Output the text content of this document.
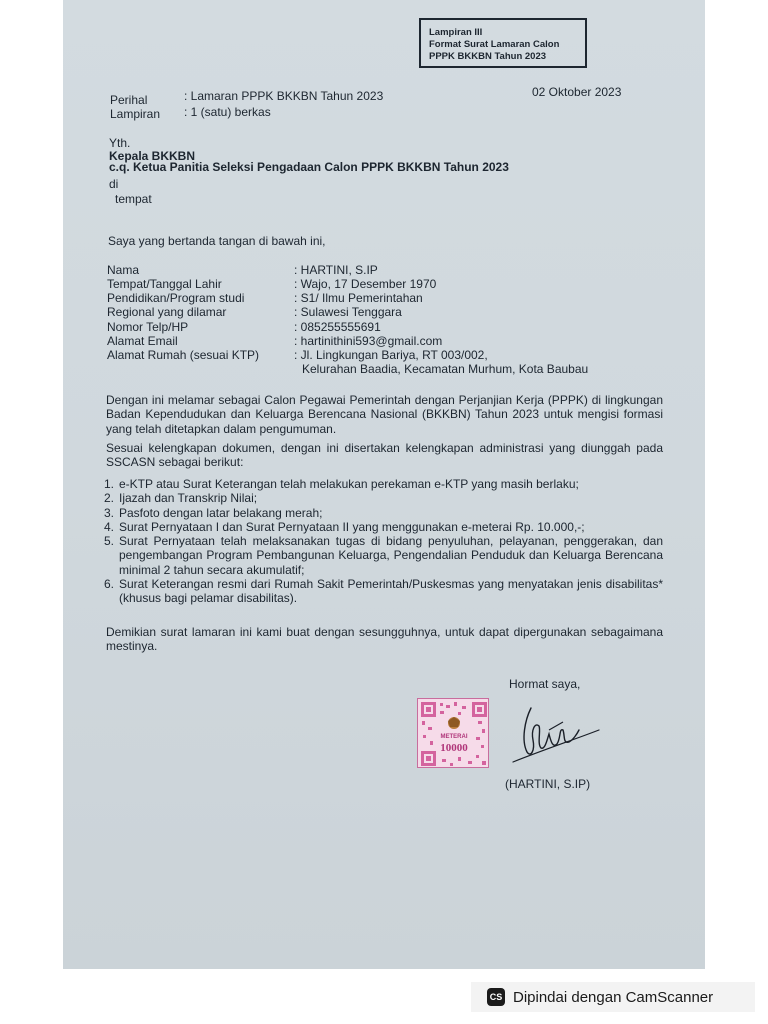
Lampiran III
Format Surat Lamaran Calon
PPPK BKKBN Tahun 2023
Perihal	: Lamaran PPPK BKKBN Tahun 2023	02 Oktober 2023
Lampiran : 1 (satu) berkas
Yth.
Kepala BKKBN
c.q. Ketua Panitia Seleksi Pengadaan Calon PPPK BKKBN Tahun 2023
di
tempat
Saya yang bertanda tangan di bawah ini,
Nama	: HARTINI, S.IP
Tempat/Tanggal Lahir	: Wajo, 17 Desember 1970
Pendidikan/Program studi	: S1/ Ilmu Pemerintahan
Regional yang dilamar	: Sulawesi Tenggara
Nomor Telp/HP	: 085255555691
Alamat Email	: hartinithini593@gmail.com
Alamat Rumah (sesuai KTP)	: Jl. Lingkungan Bariya, RT 003/002,
Kelurahan Baadia, Kecamatan Murhum, Kota Baubau
Dengan ini melamar sebagai Calon Pegawai Pemerintah dengan Perjanjian Kerja (PPPK) di lingkungan Badan Kependudukan dan Keluarga Berencana Nasional (BKKBN) Tahun 2023 untuk mengisi formasi yang telah ditetapkan dalam pengumuman.
Sesuai kelengkapan dokumen, dengan ini disertakan kelengkapan administrasi yang diunggah pada SSCASN sebagai berikut:
1. e-KTP atau Surat Keterangan telah melakukan perekaman e-KTP yang masih berlaku;
2. Ijazah dan Transkrip Nilai;
3. Pasfoto dengan latar belakang merah;
4. Surat Pernyataan I dan Surat Pernyataan II yang menggunakan e-meterai Rp. 10.000,-;
5. Surat Pernyataan telah melaksanakan tugas di bidang penyuluhan, pelayanan, penggerakan, dan pengembangan Program Pembangunan Keluarga, Pengendalian Penduduk dan Keluarga Berencana minimal 2 tahun secara akumulatif;
6. Surat Keterangan resmi dari Rumah Sakit Pemerintah/Puskesmas yang menyatakan jenis disabilitas* (khusus bagi pelamar disabilitas).
Demikian surat lamaran ini kami buat dengan sesungguhnya, untuk dapat dipergunakan sebagaimana mestinya.
Hormat saya,
METERAI
10000
(HARTINI, S.IP)
CS Dipindai dengan CamScanner
